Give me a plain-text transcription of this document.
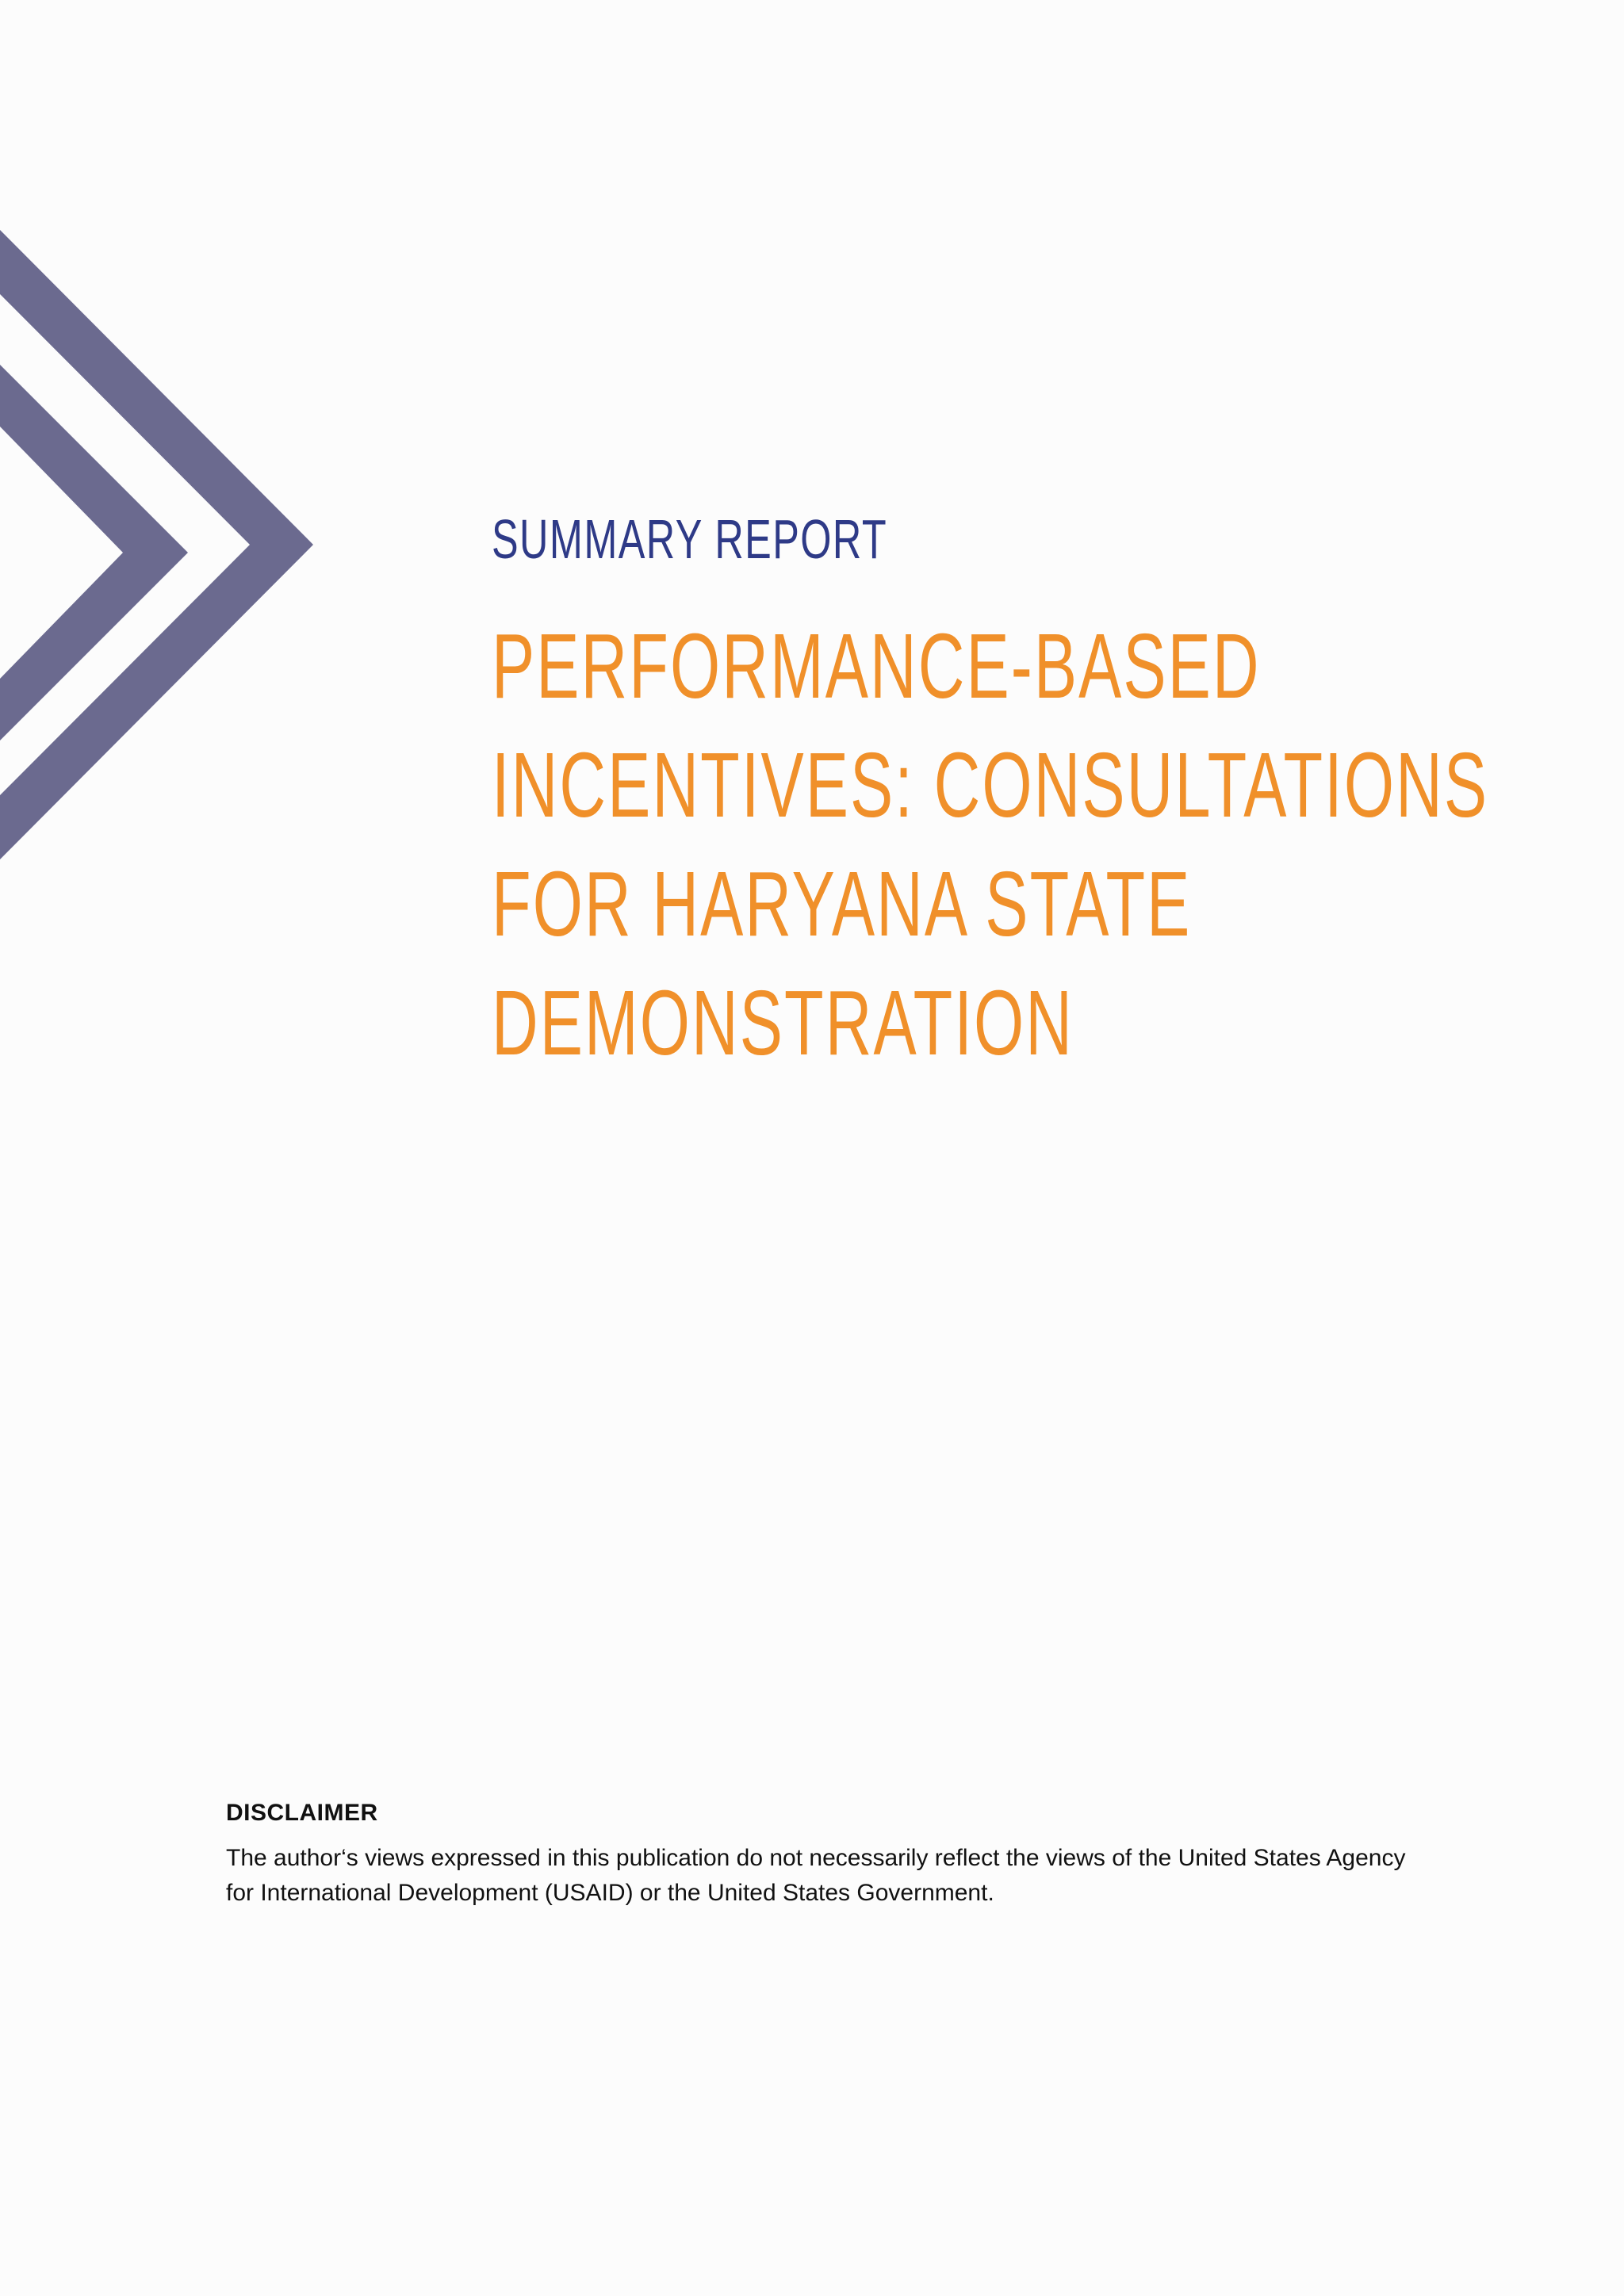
SUMMARY REPORT
PERFORMANCE-BASED
INCENTIVES: CONSULTATIONS
FOR HARYANA STATE
DEMONSTRATION
DISCLAIMER

The author‘s views expressed in this publication do not necessarily reflect the views of the United States Agency for International Development (USAID) or the United States Government.
